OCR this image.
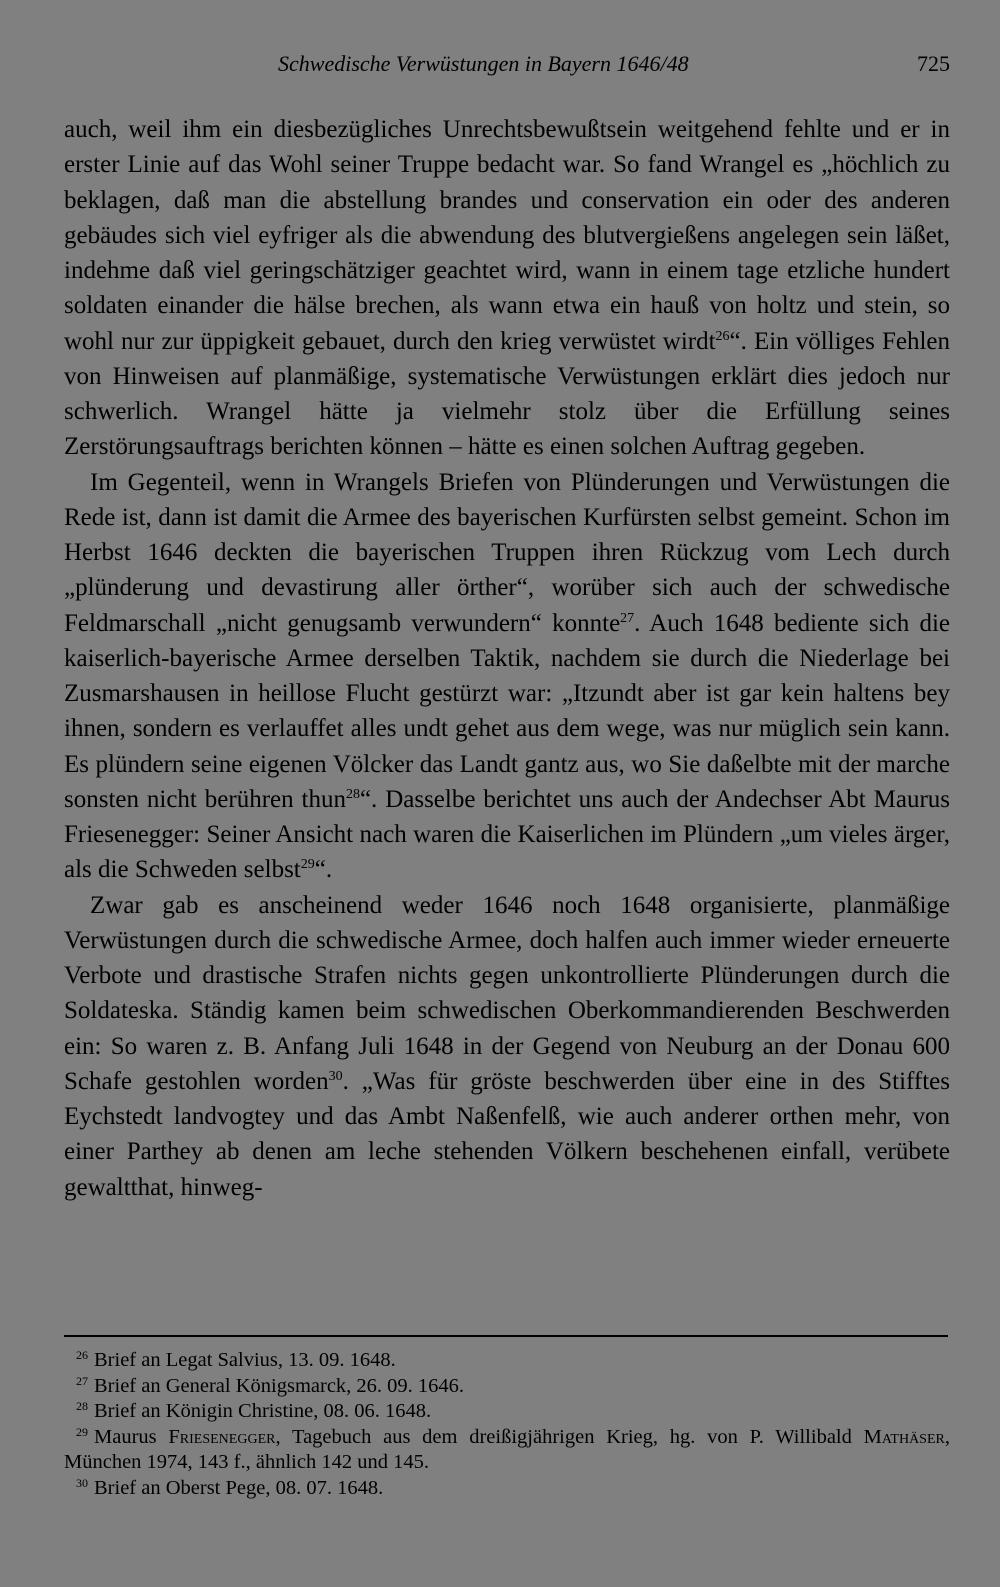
Schwedische Verwüstungen in Bayern 1646/48	725

auch, weil ihm ein diesbezügliches Unrechtsbewußtsein weitgehend fehlte und er in erster Linie auf das Wohl seiner Truppe bedacht war. So fand Wrangel es „höchlich zu beklagen, daß man die abstellung brandes und conservation ein oder des anderen gebäudes sich viel eyfriger als die abwendung des blutvergießens angelegen sein läßet, indehme daß viel geringschätziger geachtet wird, wann in einem tage etzliche hundert soldaten einander die hälse brechen, als wann etwa ein hauß von holtz und stein, so wohl nur zur üppigkeit gebauet, durch den krieg verwüstet wirdt$^{26}$“. Ein völliges Fehlen von Hinweisen auf planmäßige, systematische Verwüstungen erklärt dies jedoch nur schwerlich. Wrangel hätte ja vielmehr stolz über die Erfüllung seines Zerstörungsauftrags berichten können – hätte es einen solchen Auftrag gegeben.

Im Gegenteil, wenn in Wrangels Briefen von Plünderungen und Verwüstungen die Rede ist, dann ist damit die Armee des bayerischen Kurfürsten selbst gemeint. Schon im Herbst 1646 deckten die bayerischen Truppen ihren Rückzug vom Lech durch „plünderung und devastirung aller örther“, worüber sich auch der schwedische Feldmarschall „nicht genugsamb verwundern“ konnte$^{27}$. Auch 1648 bediente sich die kaiserlich-bayerische Armee derselben Taktik, nachdem sie durch die Niederlage bei Zusmarshausen in heillose Flucht gestürzt war: „Itzundt aber ist gar kein haltens bey ihnen, sondern es verlauffet alles undt gehet aus dem wege, was nur müglich sein kann. Es plündern seine eigenen Völcker das Landt gantz aus, wo Sie daßelbte mit der marche sonsten nicht berühren thun$^{28}$“. Dasselbe berichtet uns auch der Andechser Abt Maurus Friesenegger: Seiner Ansicht nach waren die Kaiserlichen im Plündern „um vieles ärger, als die Schweden selbst$^{29}$“.

Zwar gab es anscheinend weder 1646 noch 1648 organisierte, planmäßige Verwüstungen durch die schwedische Armee, doch halfen auch immer wieder erneuerte Verbote und drastische Strafen nichts gegen unkontrollierte Plünderungen durch die Soldateska. Ständig kamen beim schwedischen Oberkommandierenden Beschwerden ein: So waren z. B. Anfang Juli 1648 in der Gegend von Neuburg an der Donau 600 Schafe gestohlen worden$^{30}$. „Was für gröste beschwerden über eine in des Stifftes Eychstedt landvogtey und das Ambt Naßenfelß, wie auch anderer orthen mehr, von einer Parthey ab denen am leche stehenden Völkern beschehenen einfall, verübete gewaltthat, hinweg-

$^{26}$ Brief an Legat Salvius, 13. 09. 1648.

$^{27}$ Brief an General Königsmarck, 26. 09. 1646.

$^{28}$ Brief an Königin Christine, 08. 06. 1648.

$^{29}$ Maurus Friesenegger, Tagebuch aus dem dreißigjährigen Krieg, hg. von P. Willibald Mathäser, München 1974, 143 f., ähnlich 142 und 145.

$^{30}$ Brief an Oberst Pege, 08. 07. 1648.
